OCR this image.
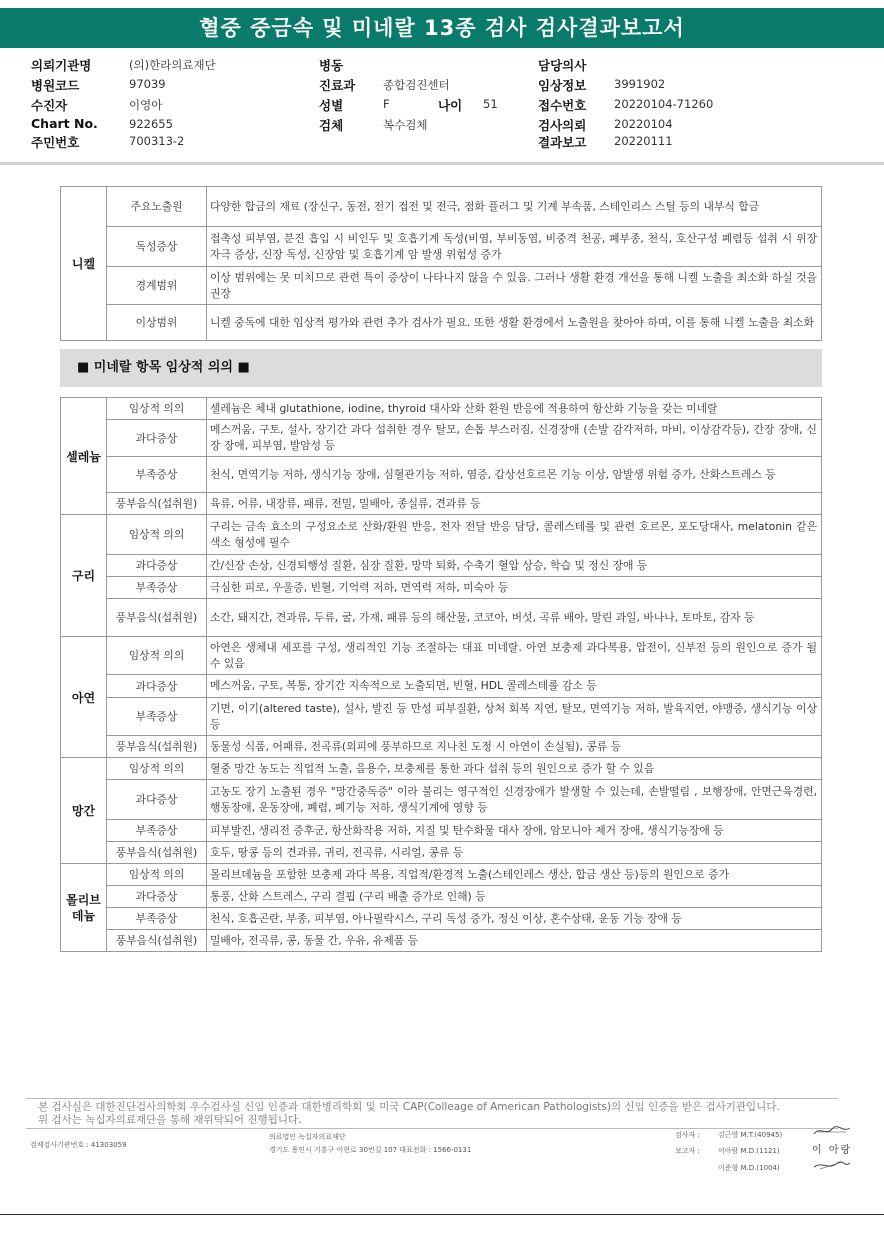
혈중 중금속 및 미네랄 13종 검사 검사결과보고서
의뢰기관명	(의)한라의료재단
병원코드	97039
수진자	이영아
Chart No.	922655
주민번호	700313-2
병동
진료과 종합검진센터
성별	F	나이 51
검체	복수검체
담당의사
임상정보 3991902
접수번호 20220104-71260
검사의뢰 20220104
결과보고 20220111
니켈	주요노출원	다양한 합금의 재료 (장신구, 동전, 전기 접전 및 전극, 점화 플러그 및 기계 부속품, 스테인리스 스틸 등의 내부식 합금
	독성증상	접촉성 피부염, 분진 흡입 시 비인두 및 호흡기계 독성(비염, 부비동염, 비중격 천공, 폐부종, 천식, 호산구성 폐렴등 섭취 시 위장 자극 증상, 신장 독성, 신장암 및 호흡기계 암 발생 위험성 증가
	경계범위	이상 범위에는 못 미치므로 관련 특이 증상이 나타나지 않을 수 있음. 그러나 생활 환경 개선을 통해 니켈 노출을 최소화 하실 것을 권장
	이상범위	니켈 중독에 대한 임상적 평가와 관련 추가 검사가 필요. 또한 생활 환경에서 노출원을 찾아야 하며, 이를 통해 니켈 노출을 최소화
■ 미네랄 항목 임상적 의의 ■
셀레늄	임상적 의의	셀레늄은 체내 glutathione, iodine, thyroid 대사와 산화 환원 반응에 적용하여 항산화 기능을 갖는 미네랄
	과다증상	메스꺼움, 구토, 설사, 장기간 과다 섭취한 경우 탈모, 손톱 부스러짐, 신경장애 (손발 감각저하, 마비, 이상감각등), 간장 장애, 신장 장애, 피부염, 발암성 등
	부족증상	천식, 면역기능 저하, 생식기능 장애, 심혈관기능 저하, 염증, 갑상선호르몬 기능 이상, 암발생 위험 증가, 산화스트레스 등
	풍부음식(섭취원)	육류, 어류, 내장류, 패류, 전밀, 밀배아, 종실류, 견과류 등
구리	임상적 의의	구리는 금속 효소의 구성요소로 산화/환원 반응, 전자 전달 반응 담당, 콜레스테롤 및 관련 호르몬, 포도당대사, melatonin 같은 색소 형성에 필수
	과다증상	간/신장 손상, 신경퇴행성 질환, 심장 질환, 망막 퇴화, 수축기 혈압 상승, 학습 및 정신 장애 등
	부족증상	극심한 피로, 우울증, 빈혈, 기억력 저하, 면역력 저하, 미숙아 등
	풍부음식(섭취원)	소간, 돼지간, 견과류, 두류, 굴, 가재, 패류 등의 해산물, 코코아, 버섯, 곡류 배아, 말린 과일, 바나나, 토마토, 감자 등
아연	임상적 의의	아연은 생체내 세포를 구성, 생리적인 기능 조절하는 대표 미네랄. 아연 보충제 과다복용, 압전이, 신부전 등의 원인으로 증가 될 수 있음
	과다증상	메스꺼움, 구토, 복통, 장기간 지속적으로 노출되면, 빈혈, HDL 콜레스테롤 감소 등
	부족증상	기면, 이기(altered taste), 설사, 발진 등 만성 피부질환, 상처 회복 지연, 탈모, 면역기능 저하, 발육지연, 야맹증, 생식기능 이상 등
	풍부음식(섭취원)	동물성 식품, 어패류, 전곡류(외피에 풍부하므로 지나친 도정 시 아연이 손실됨), 콩류 등
망간	임상적 의의	혈중 망간 농도는 직업적 노출, 음용수, 보충제를 통한 과다 섭취 등의 원인으로 증가 할 수 있음
	과다증상	고농도 장기 노출된 경우 "망간중독증" 이라 불리는 영구적인 신경장애가 발생할 수 있는데, 손발떨림 , 보행장애, 안면근육경련, 행동장애, 운동장애, 폐렴, 폐기능 저하, 생식기계에 영향 등
	부족증상	피부발진, 생리전 증후군, 항산화작용 저하, 지질 및 탄수화물 대사 장애, 암모니아 제거 장애, 생식기능장애 등
	풍부음식(섭취원)	호두, 땅콩 등의 견과류, 귀리, 전곡류, 시리얼, 콩류 등
몰리브
데늄	임상적 의의	몰리브데늄을 포함한 보충제 과다 복용, 직업적/환경적 노출(스테인레스 생산, 합금 생산 등)등의 원인으로 증가
	과다증상	통풍, 산화 스트레스, 구리 결핍 (구리 배출 증가로 인해) 등
	부족증상	천식, 호흡곤란, 부종, 피부염, 아나필락시스, 구리 독성 증가, 정신 이상, 혼수상태, 운동 기능 장애 등
	풍부음식(섭취원)	밀배아, 전곡류, 콩, 동물 간, 우유, 유제품 등
본 검사실은 대한진단검사의학회 우수검사실 신임 인증과 대한병리학회 및 미국 CAP(Colleage of American Pathologists)의 신임 인증을 받은 검사기관입니다.
위 검사는 녹십자의료재단을 통해 재위탁되어 진행됩니다.
검체검사기관번호 : 41303059
의료법인 녹십자의료재단
경기도 용인시 기흥구 이현로 30번길 107 대표전화 : 1566-0131
검사자 :	김근영 M.T.(40945)
보고자 :	이아람 M.D.(1121)
이준형 M.D.(1004)
이 아랑
